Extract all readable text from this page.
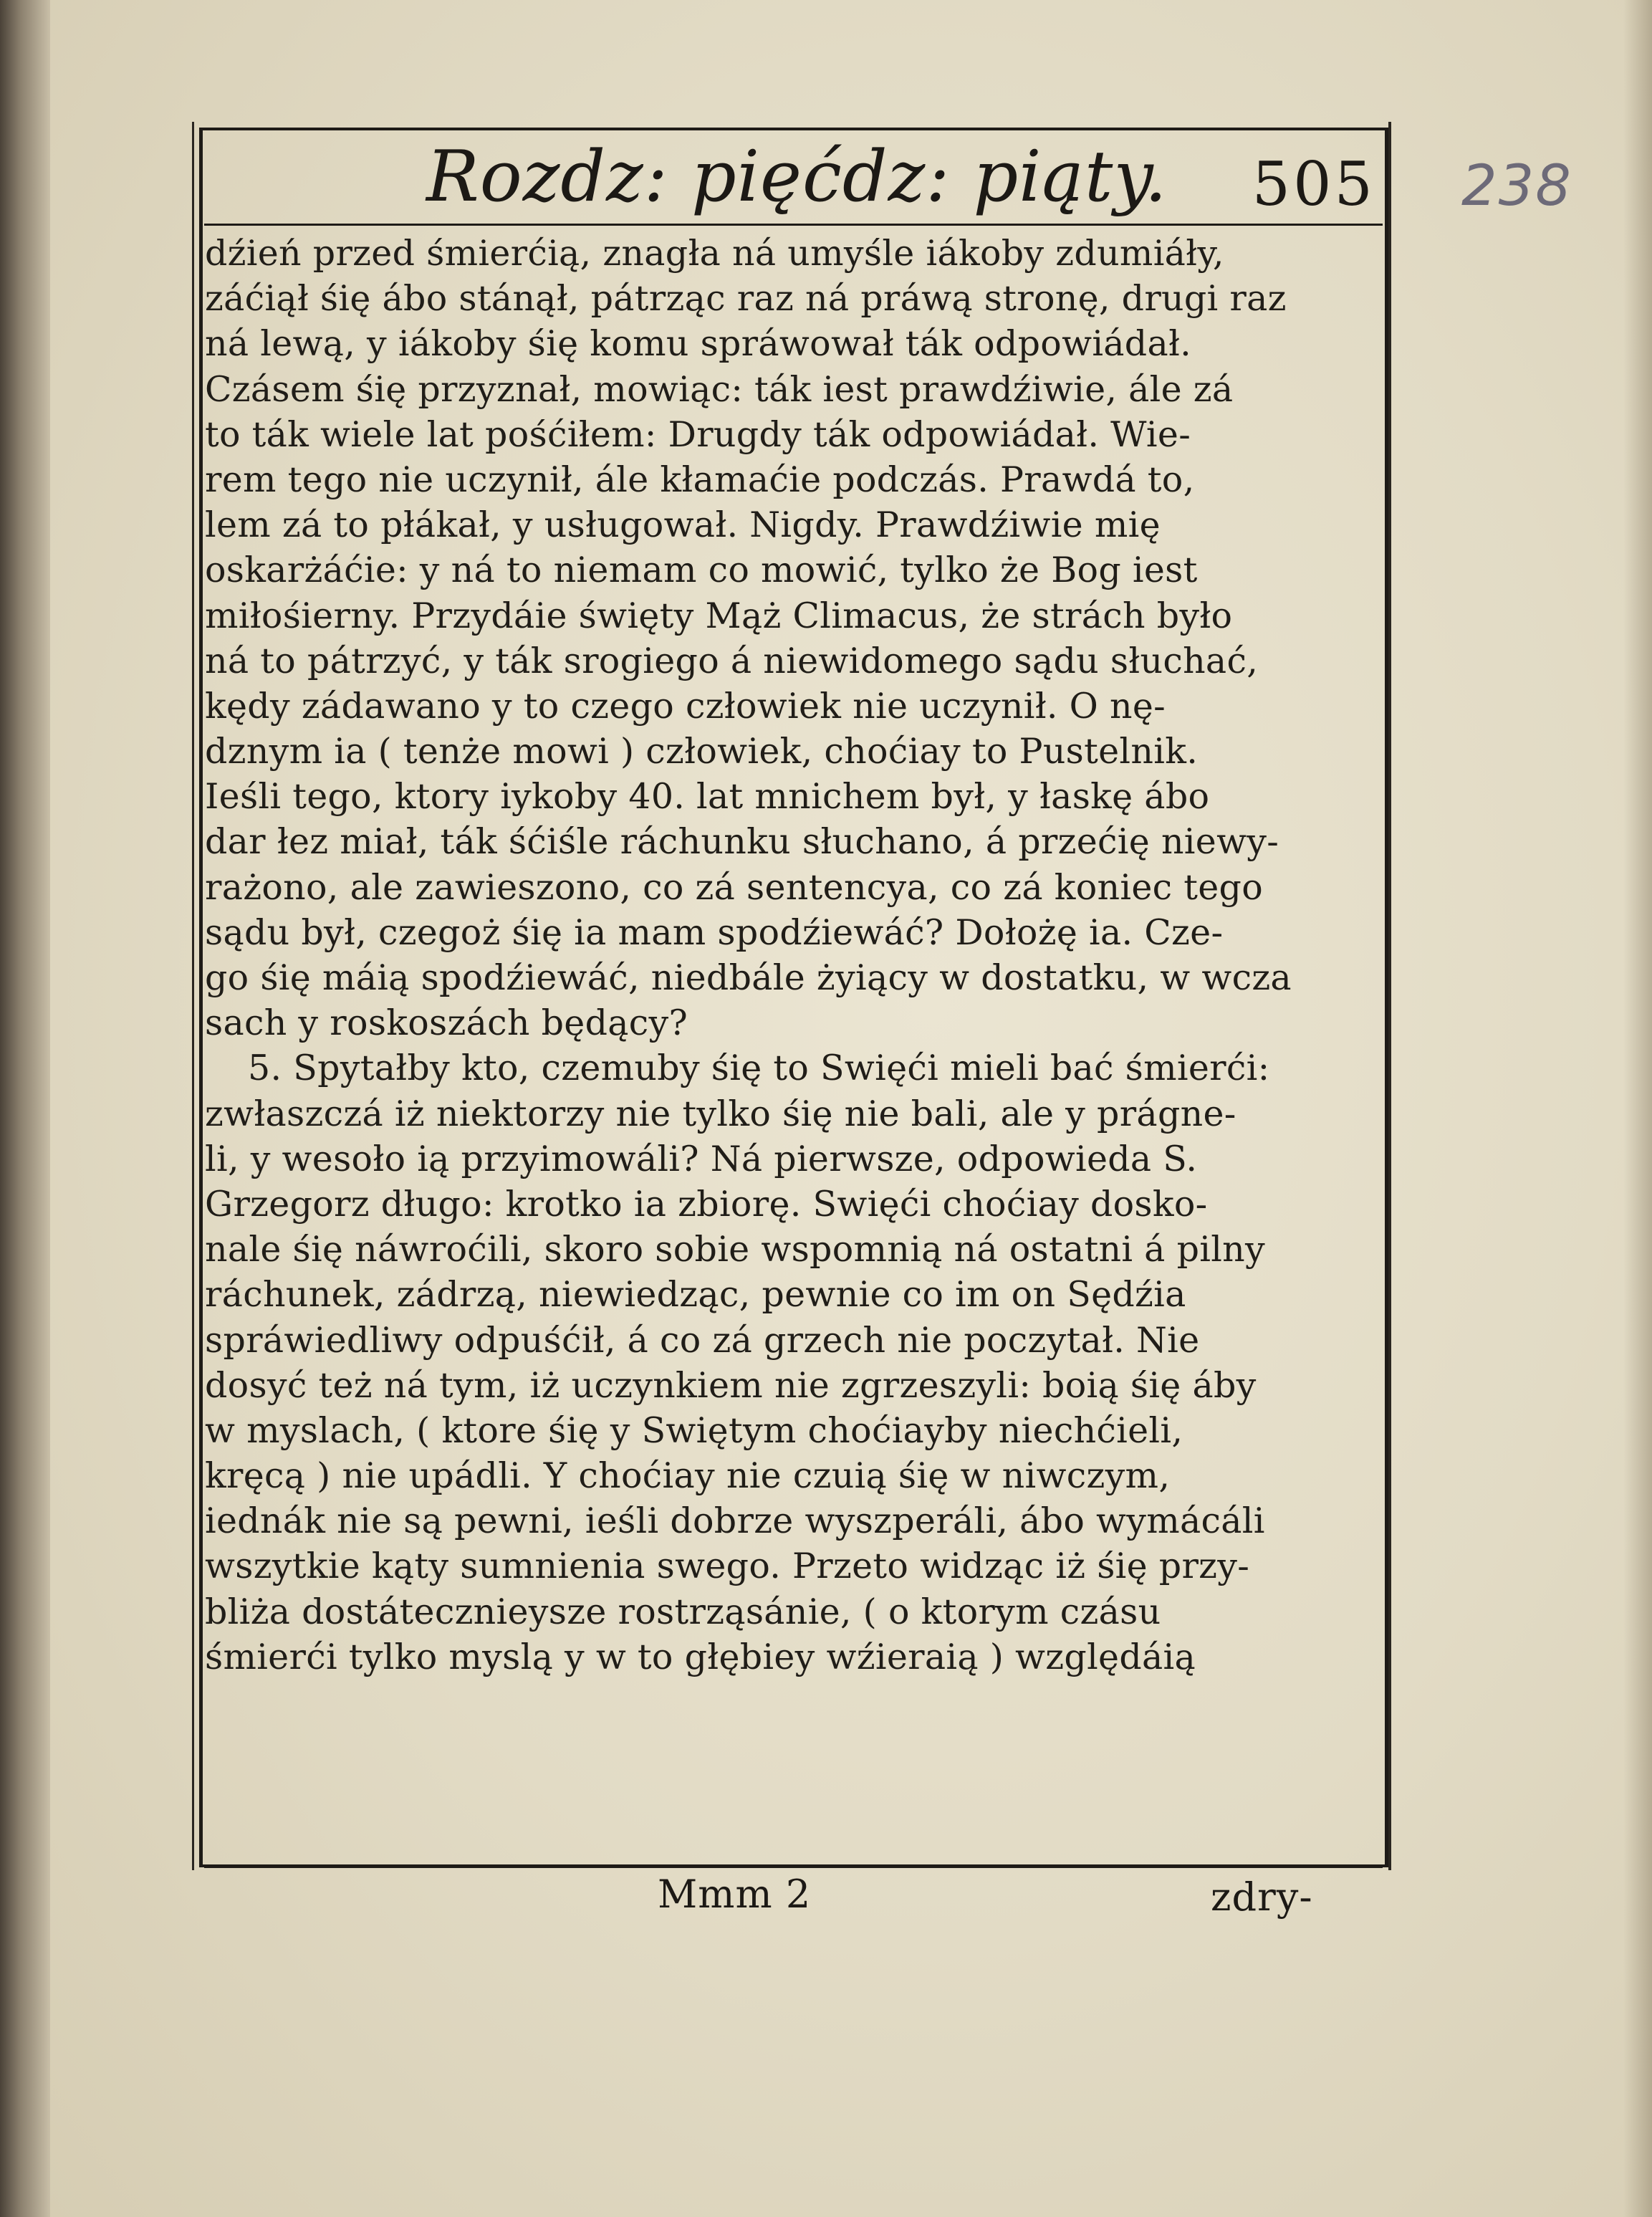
238
Rozdz: pięćdz: piąty. 505
dźień przed śmierćią, znagła ná umyśle iákoby zdumiáły,
záćiął śię ábo stánął, pátrząc raz ná práwą stronę, drugi raz
ná lewą, y iákoby śię komu spráwował ták odpowiádał.
Czásem śię przyznał, mowiąc: ták iest prawdźiwie, ále zá
to ták wiele lat pośćiłem: Drugdy ták odpowiádał. Wie-
rem tego nie uczynił, ále kłamaćie podczás. Prawdá to,
lem zá to płákał, y usługował. Nigdy. Prawdźiwie mię
oskarżáćie: y ná to niemam co mowić, tylko że Bog iest
miłośierny. Przydáie święty Mąż Climacus, że strách było
ná to pátrzyć, y ták srogiego á niewidomego sądu słuchać,
kędy zádawano y to czego człowiek nie uczynił. O nę-
dznym ia ( tenże mowi ) człowiek, choćiay to Pustelnik.
Ieśli tego, ktory iykoby 40. lat mnichem był, y łaskę ábo
dar łez miał, ták śćiśle ráchunku słuchano, á przećię niewy-
rażono, ale zawieszono, co zá sentencya, co zá koniec tego
sądu był, czegoż śię ia mam spodźiewáć? Dołożę ia. Cze-
go śię máią spodźiewáć, niedbále żyiący w dostatku, w wcza
sach y roskoszách będący?
5. Spytałby kto, czemuby śię to Swięći mieli bać śmierći:
zwłaszczá iż niektorzy nie tylko śię nie bali, ale y prágne-
li, y wesoło ią przyimowáli? Ná pierwsze, odpowieda S.
Grzegorz długo: krotko ia zbiorę. Swięći choćiay dosko-
nale śię náwroćili, skoro sobie wspomnią ná ostatni á pilny
ráchunek, zádrzą, niewiedząc, pewnie co im on Sędźia
spráwiedliwy odpuśćił, á co zá grzech nie poczytał. Nie
dosyć też ná tym, iż uczynkiem nie zgrzeszyli: boią śię áby
w myslach, ( ktore śię y Swiętym choćiayby niechćieli,
kręcą ) nie upádli. Y choćiay nie czuią śię w niwczym,
iednák nie są pewni, ieśli dobrze wyszperáli, ábo wymácáli
wszytkie kąty sumnienia swego. Przeto widząc iż śię przy-
bliża dostátecznieysze rostrząsánie, ( o ktorym czásu
śmierći tylko myslą y w to głębiey wźieraią ) względáią
Mmm 2	zdry-
